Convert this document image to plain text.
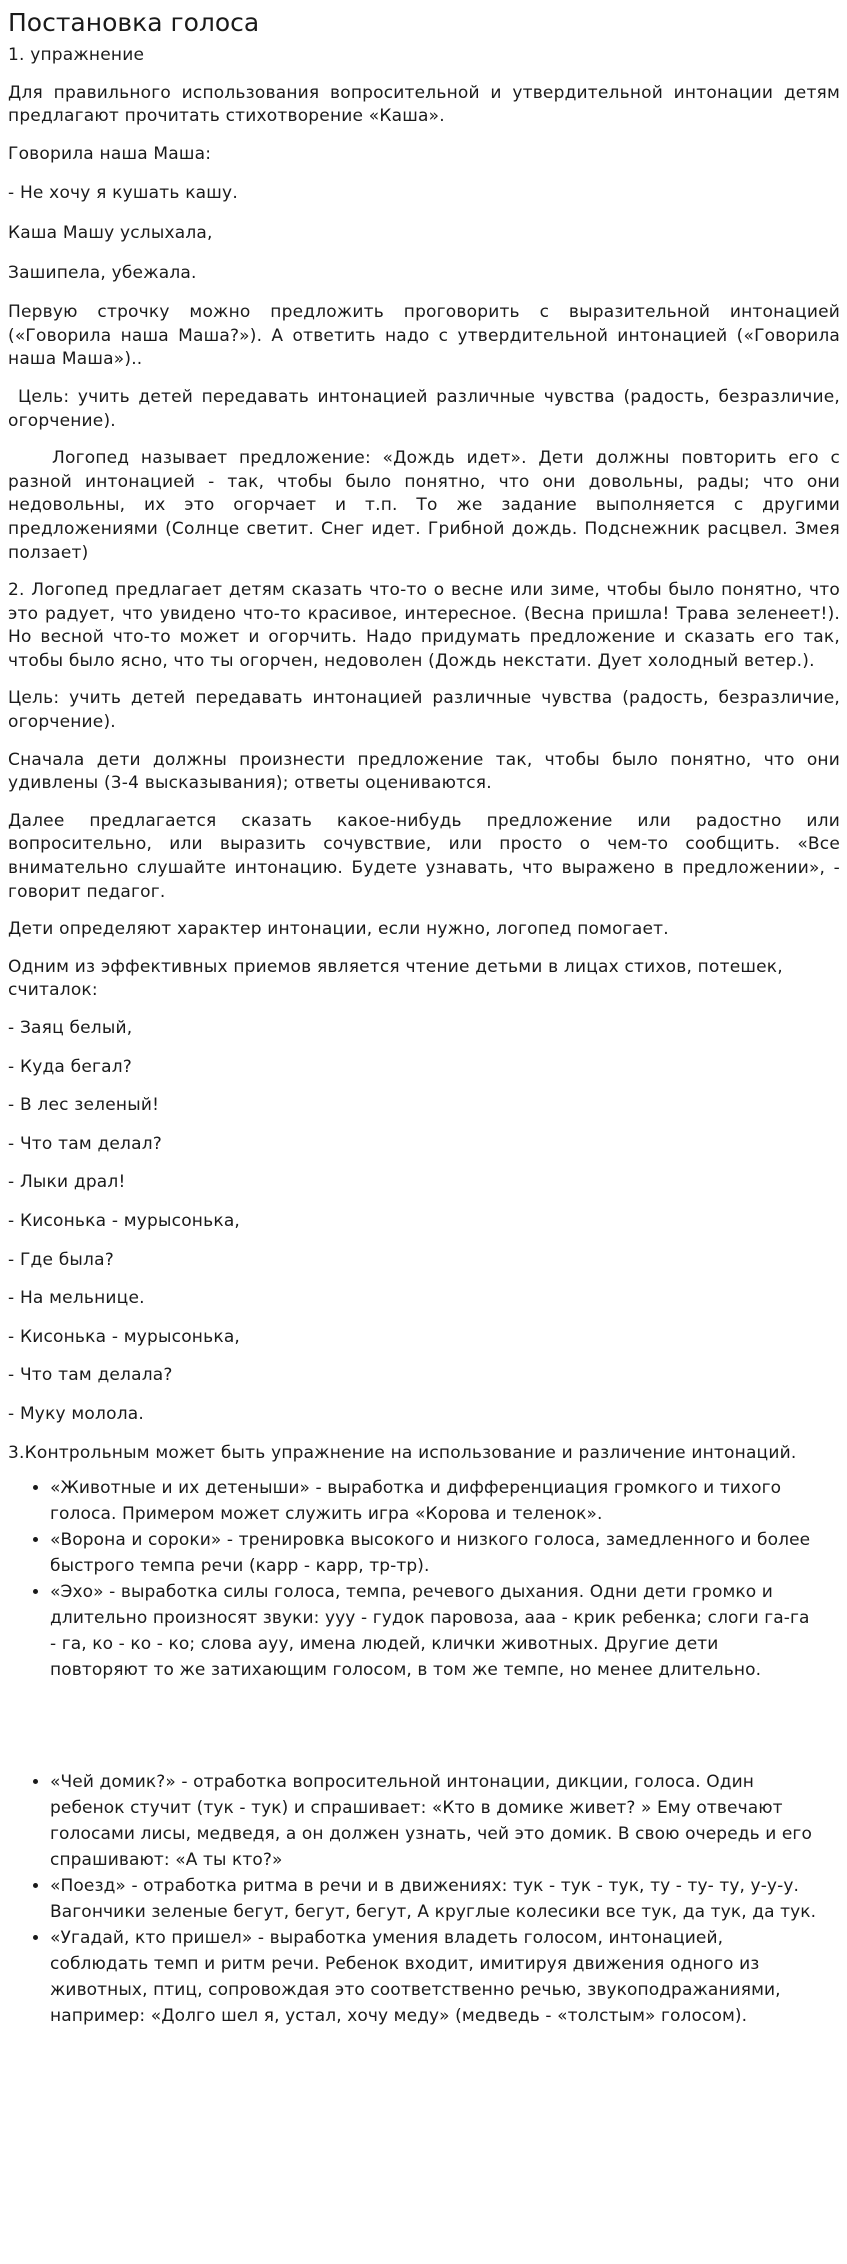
Постановка голоса

1. упражнение

Для правильного использования вопросительной и утвердительной интонации детям предлагают прочитать стихотворение «Каша».

Говорила наша Маша:

- Не хочу я кушать кашу.

Каша Машу услыхала,

Зашипела, убежала.

Первую строчку можно предложить проговорить с выразительной интонацией («Говорила наша Маша?»). А ответить надо с утвердительной интонацией («Говорила наша Маша»)..

Цель: учить детей передавать интонацией различные чувства (радость, безразличие, огорчение).

Логопед называет предложение: «Дождь идет». Дети должны повторить его с разной интонацией - так, чтобы было понятно, что они довольны, рады; что они недовольны, их это огорчает и т.п. То же задание выполняется с другими предложениями (Солнце светит. Снег идет. Грибной дождь. Подснежник расцвел. Змея ползает)

2. Логопед предлагает детям сказать что-то о весне или зиме, чтобы было понятно, что это радует, что увидено что-то красивое, интересное. (Весна пришла! Трава зеленеет!). Но весной что-то может и огорчить. Надо придумать предложение и сказать его так, чтобы было ясно, что ты огорчен, недоволен (Дождь некстати. Дует холодный ветер.).

Цель: учить детей передавать интонацией различные чувства (радость, безразличие, огорчение).

Сначала дети должны произнести предложение так, чтобы было понятно, что они удивлены (3-4 высказывания); ответы оцениваются.

Далее предлагается сказать какое-нибудь предложение или радостно или вопросительно, или выразить сочувствие, или просто о чем-то сообщить. «Все внимательно слушайте интонацию. Будете узнавать, что выражено в предложении», - говорит педагог.

Дети определяют характер интонации, если нужно, логопед помогает.

Одним из эффективных приемов является чтение детьми в лицах стихов, потешек, считалок:

- Заяц белый,

- Куда бегал?

- В лес зеленый!

- Что там делал?

- Лыки драл!

- Кисонька - мурысонька,

- Где была?

- На мельнице.

- Кисонька - мурысонька,

- Что там делала?

- Муку молола.

3.Контрольным может быть упражнение на использование и различение интонаций.

• «Животные и их детеныши» - выработка и дифференциация громкого и тихого голоса. Примером может служить игра «Корова и теленок».
• «Ворона и сороки» - тренировка высокого и низкого голоса, замедленного и более быстрого темпа речи (карр - карр, тр-тр).
• «Эхо» - выработка силы голоса, темпа, речевого дыхания. Одни дети громко и длительно произносят звуки: ууу - гудок паровоза, ааа - крик ребенка; слоги га-га - га, ко - ко - ко; слова ауу, имена людей, клички животных. Другие дети повторяют то же затихающим голосом, в том же темпе, но менее длительно.
• «Чей домик?» - отработка вопросительной интонации, дикции, голоса. Один ребенок стучит (тук - тук) и спрашивает: «Кто в домике живет? » Ему отвечают голосами лисы, медведя, а он должен узнать, чей это домик. В свою очередь и его спрашивают: «А ты кто?»
• «Поезд» - отработка ритма в речи и в движениях: тук - тук - тук, ту - ту- ту, у-у-у. Вагончики зеленые бегут, бегут, бегут, А круглые колесики все тук, да тук, да тук.
• «Угадай, кто пришел» - выработка умения владеть голосом, интонацией, соблюдать темп и ритм речи. Ребенок входит, имитируя движения одного из животных, птиц, сопровождая это соответственно речью, звукоподражаниями, например: «Долго шел я, устал, хочу меду» (медведь - «толстым» голосом).
